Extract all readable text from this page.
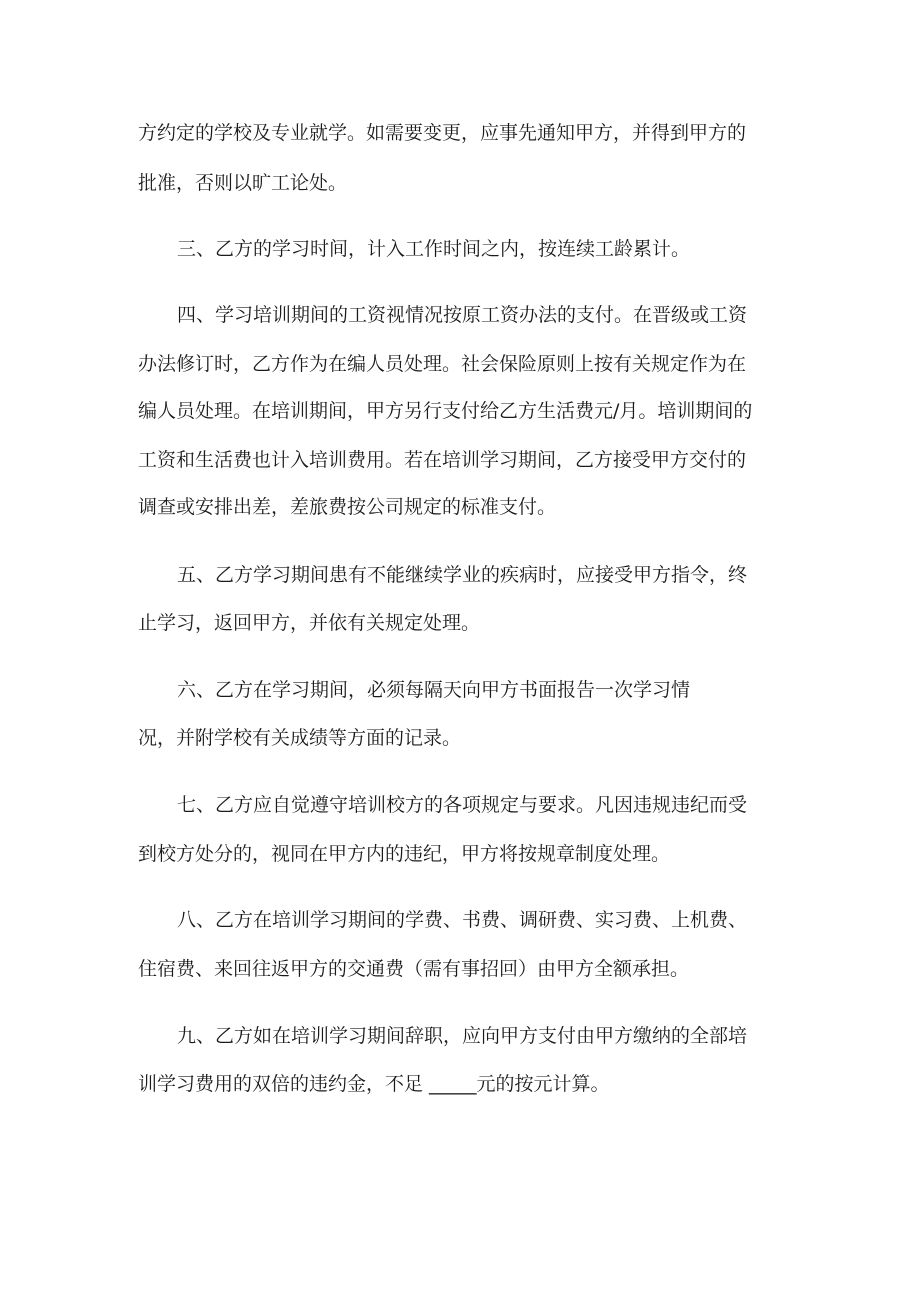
方约定的学校及专业就学。如需要变更，应事先通知甲方，并得到甲方的

批准，否则以旷工论处。

三、乙方的学习时间，计入工作时间之内，按连续工龄累计。

四、学习培训期间的工资视情况按原工资办法的支付。在晋级或工资

办法修订时，乙方作为在编人员处理。社会保险原则上按有关规定作为在

编人员处理。在培训期间，甲方另行支付给乙方生活费元/月。培训期间的

工资和生活费也计入培训费用。若在培训学习期间，乙方接受甲方交付的

调查或安排出差，差旅费按公司规定的标准支付。

五、乙方学习期间患有不能继续学业的疾病时，应接受甲方指令，终

止学习，返回甲方，并依有关规定处理。

六、乙方在学习期间，必须每隔天向甲方书面报告一次学习情

况，并附学校有关成绩等方面的记录。

七、乙方应自觉遵守培训校方的各项规定与要求。凡因违规违纪而受

到校方处分的，视同在甲方内的违纪，甲方将按规章制度处理。

八、乙方在培训学习期间的学费、书费、调研费、实习费、上机费、

住宿费、来回往返甲方的交通费（需有事招回）由甲方全额承担。

九、乙方如在培训学习期间辞职，应向甲方支付由甲方缴纳的全部培

训学习费用的双倍的违约金，不足 _____元的按元计算。
